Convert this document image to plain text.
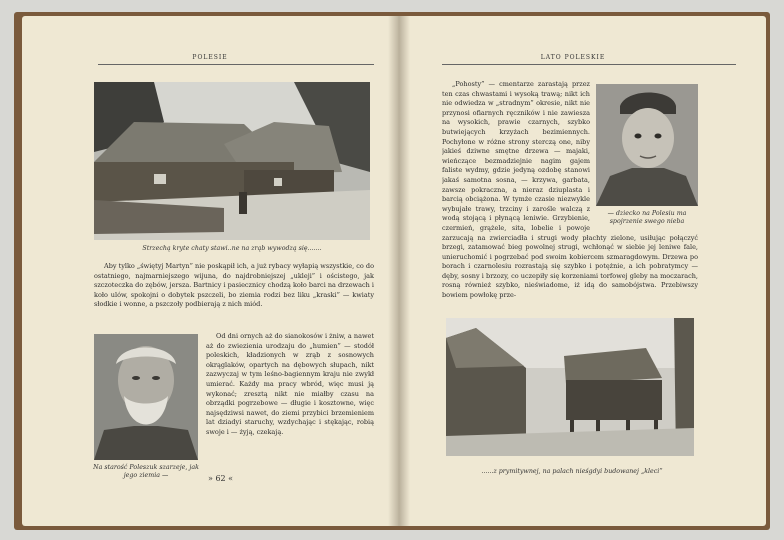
POLESIE
Strzechą kryte chaty stawi..ne na zrąb wywodzą się.......

Aby tylko „świętyj Martyn” nie poskąpił ich, a już rybacy wyłapią wszystkie, co do ostatniego, najmarniejszego wijuna, do najdrobniejszej „ukleji” i ościstego, jak szczoteczka do zębów, jersza. Bartnicy i pasiecznicy chodzą koło barci na drzewach i koło ulów, spokojni o dobytek pszczeli, bo ziemia rodzi bez liku „kraski” — kwiaty słodkie i wonne, a pszczoły podbierają z nich miód.

Na starość Poleszuk szarzeje, jak jego ziemia —

Od dni ornych aż do sianokosów i żniw, a nawet aż do zwiezienia urodzaju do „humien” — stodół poleskich, kładzionych w zrąb z sosnowych okrąglaków, opartych na dębowych słupach, nikt zazwyczaj w tym leśno-bagiennym kraju nie zwykł umierać. Każdy ma pracy wbród, więc musi ją wykonać; zresztą nikt nie miałby czasu na obrządki pogrzebowe — długie i kosztowne, więc najsędziwsi nawet, do ziemi przybici brzemieniem lat dziadyi staruchy, wzdychając i stękając, robią swoje i — żyją, czekają.

» 62 «
LATO POLESKIE
— dziecko na Polesiu ma spojrzenie swego nieba
......z prymitywnej, na palach nieśgdyi budowanej „kleci”

„Pohosty” — cmentarze zarastają przez ten czas chwastami i wysoką trawą; nikt ich nie odwiedza w „stradnym” okresie, nikt nie przynosi ofiarnych ręczników i nie zawiesza na wysokich, prawie czarnych, szybko butwiejących krzyżach bezimiennych. Pochyłone w różne strony sterczą one, niby jakieś dziwne smętne drzewa — majaki, wieńczące bezmadziejnie nagim gajem faliste wydmy, gdzie jedyną ozdobę stanowi jakaś samotna sosna, — krzywa, garbata, zawsze pokraczna, a nieraz dziuplasta i barcią obciążona. W tymże czasie niezwykle wybujałe trawy, trzciny i zarośle walczą z wodą stojącą i płynącą leniwie. Grzybienie, czermień, grążele, sita, lobelie i powoje zarzucają na zwierciadła i strugi wody płachty zielone, usiłując połączyć brzegi, zatamować bieg powolnej strugi, wchłonąć w siebie jej leniwe fale, unieruchomić i pogrzebać pod swoim kobiercem szmaragdowym. Drzewa po borach i czarnolesiu rozrastają się szybko i potężnie, a ich pobratymcy — dęby, sosny i brzozy, co uczepiły się korzeniami torfowej gleby na moczarach, rosną również szybko, nieświadome, iż idą do samobójstwa. Przebiwszy bowiem powłokę prze-
